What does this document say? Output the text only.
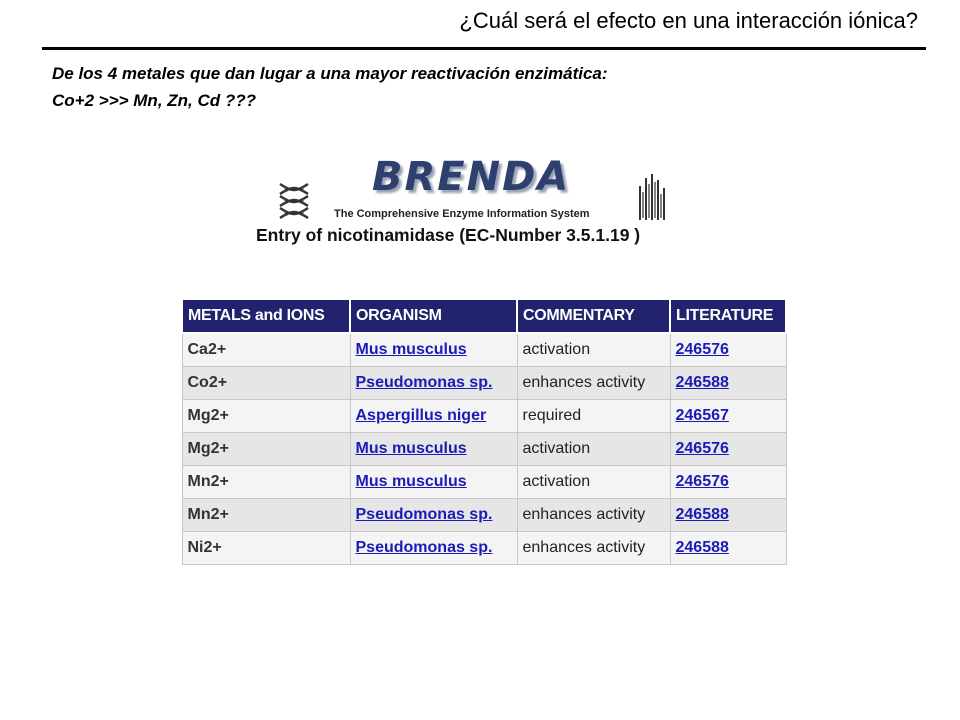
¿Cuál será el efecto en una interacción iónica?
De los 4 metales que dan lugar a una mayor reactivación enzimática:
Co+2 >>> Mn, Zn, Cd ???
BRENDA
The Comprehensive Enzyme Information System
Entry of nicotinamidase (EC-Number 3.5.1.19 )
METALS and IONS	ORGANISM	COMMENTARY	LITERATURE
Ca2+	Mus musculus	activation	246576
Co2+	Pseudomonas sp.	enhances activity	246588
Mg2+	Aspergillus niger	required	246567
Mg2+	Mus musculus	activation	246576
Mn2+	Mus musculus	activation	246576
Mn2+	Pseudomonas sp.	enhances activity	246588
Ni2+	Pseudomonas sp.	enhances activity	246588
